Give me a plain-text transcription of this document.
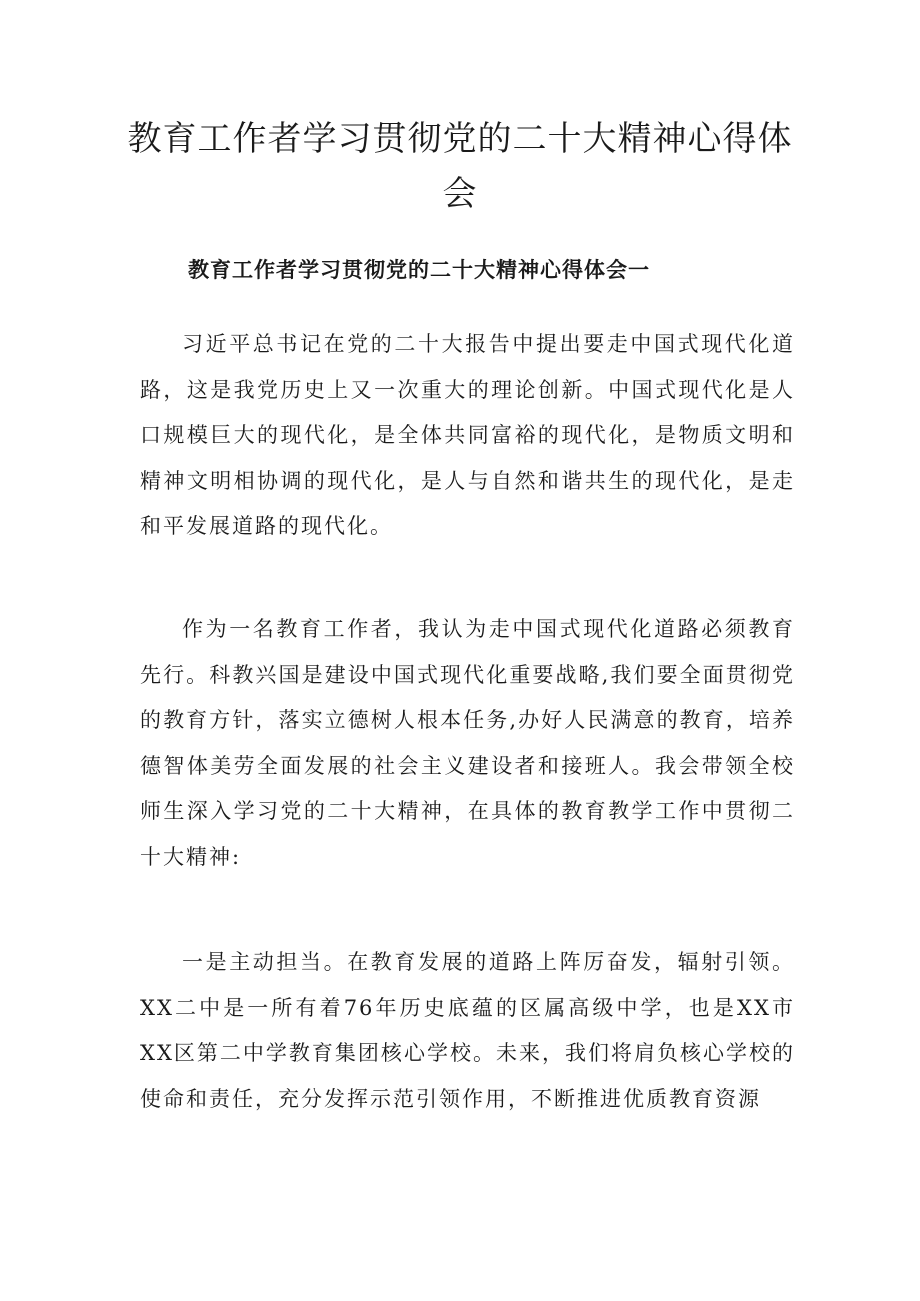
教育工作者学习贯彻党的二十大精神心得体会
教育工作者学习贯彻党的二十大精神心得体会一

习近平总书记在党的二十大报告中提出要走中国式现代化道路，这是我党历史上又一次重大的理论创新。中国式现代化是人口规模巨大的现代化，是全体共同富裕的现代化，是物质文明和精神文明相协调的现代化，是人与自然和谐共生的现代化，是走和平发展道路的现代化。

作为一名教育工作者，我认为走中国式现代化道路必须教育先行。科教兴国是建设中国式现代化重要战略,我们要全面贯彻党的教育方针，落实立德树人根本任务,办好人民满意的教育，培养德智体美劳全面发展的社会主义建设者和接班人。我会带领全校师生深入学习党的二十大精神，在具体的教育教学工作中贯彻二十大精神:

一是主动担当。在教育发展的道路上阵厉奋发，辐射引领。XX二中是一所有着76年历史底蕴的区属高级中学，也是XX市XX区第二中学教育集团核心学校。未来，我们将肩负核心学校的使命和责任，充分发挥示范引领作用，不断推进优质教育资源
